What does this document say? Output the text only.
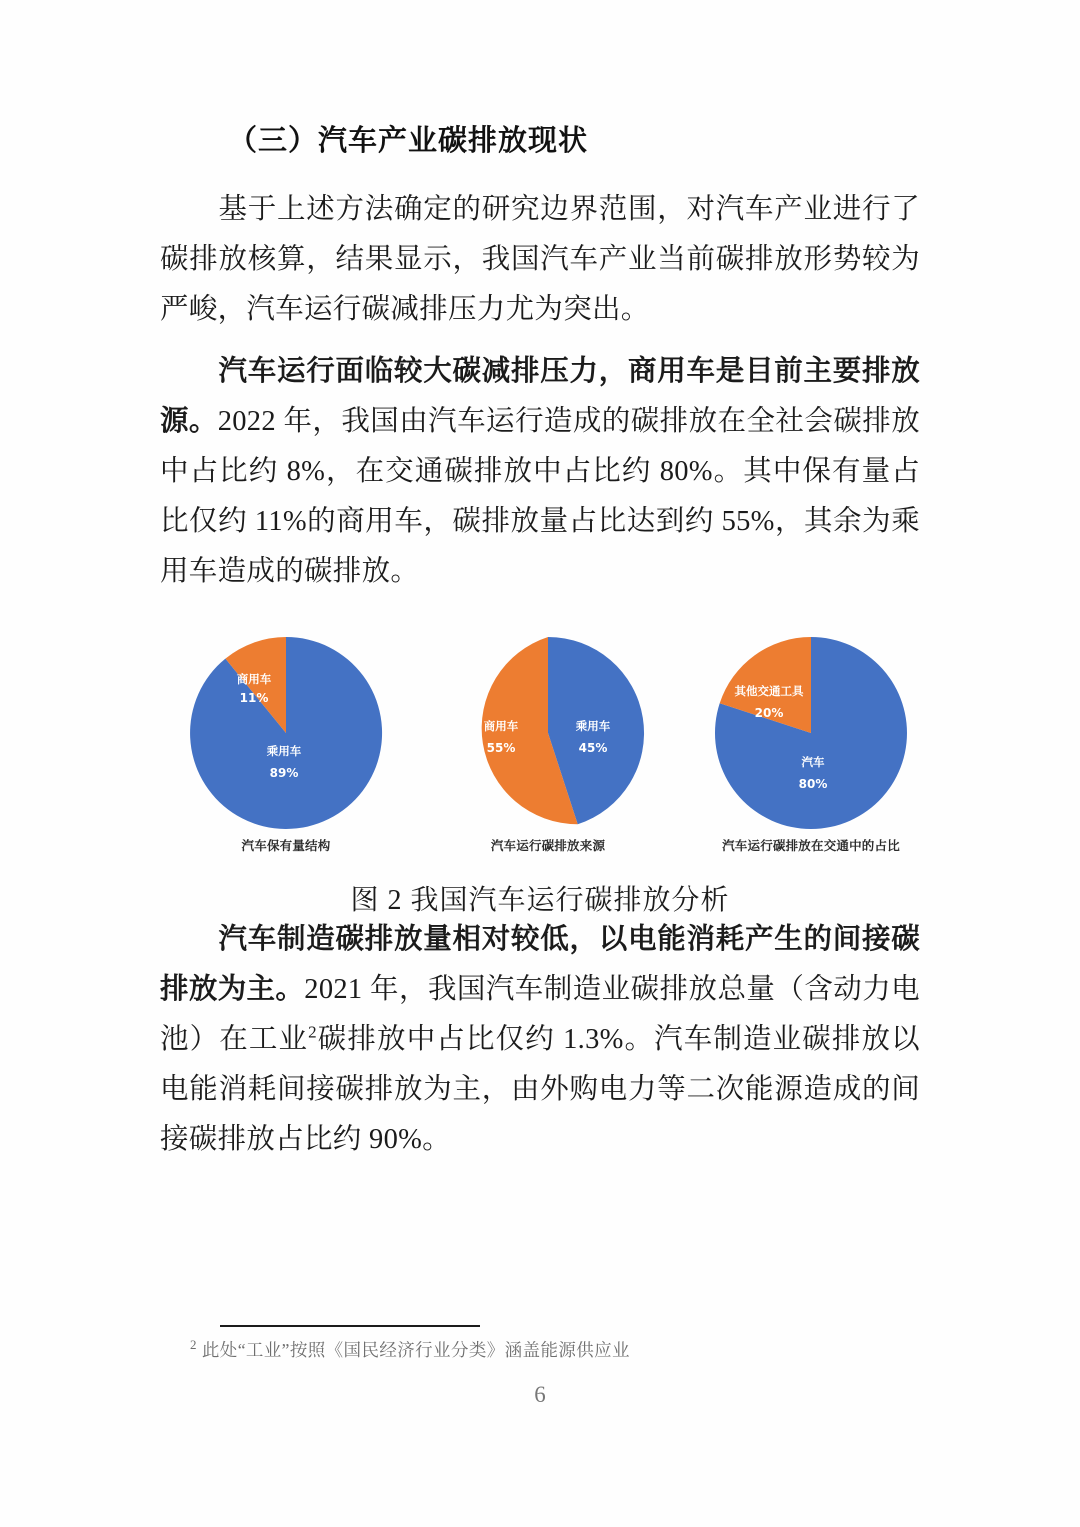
（三）汽车产业碳排放现状

基于上述方法确定的研究边界范围，对汽车产业进行了碳排放核算，结果显示，我国汽车产业当前碳排放形势较为严峻，汽车运行碳减排压力尤为突出。

汽车运行面临较大碳减排压力，商用车是目前主要排放源。2022 年，我国由汽车运行造成的碳排放在全社会碳排放中占比约 8%，在交通碳排放中占比约 80%。其中保有量占比仅约 11%的商用车，碳排放量占比达到约 55%，其余为乘用车造成的碳排放。

商用车
11%
乘用车
89%
汽车保有量结构
商用车
55%
乘用车
45%
汽车运行碳排放来源
其他交通工具
20%
汽车
80%
汽车运行碳排放在交通中的占比
图 2 我国汽车运行碳排放分析

汽车制造碳排放量相对较低，以电能消耗产生的间接碳排放为主。2021 年，我国汽车制造业碳排放总量（含动力电池）在工业$^2$碳排放中占比仅约 1.3%。汽车制造业碳排放以电能消耗间接碳排放为主，由外购电力等二次能源造成的间接碳排放占比约 90%。

$^2$ 此处“工业”按照《国民经济行业分类》涵盖能源供应业
6
